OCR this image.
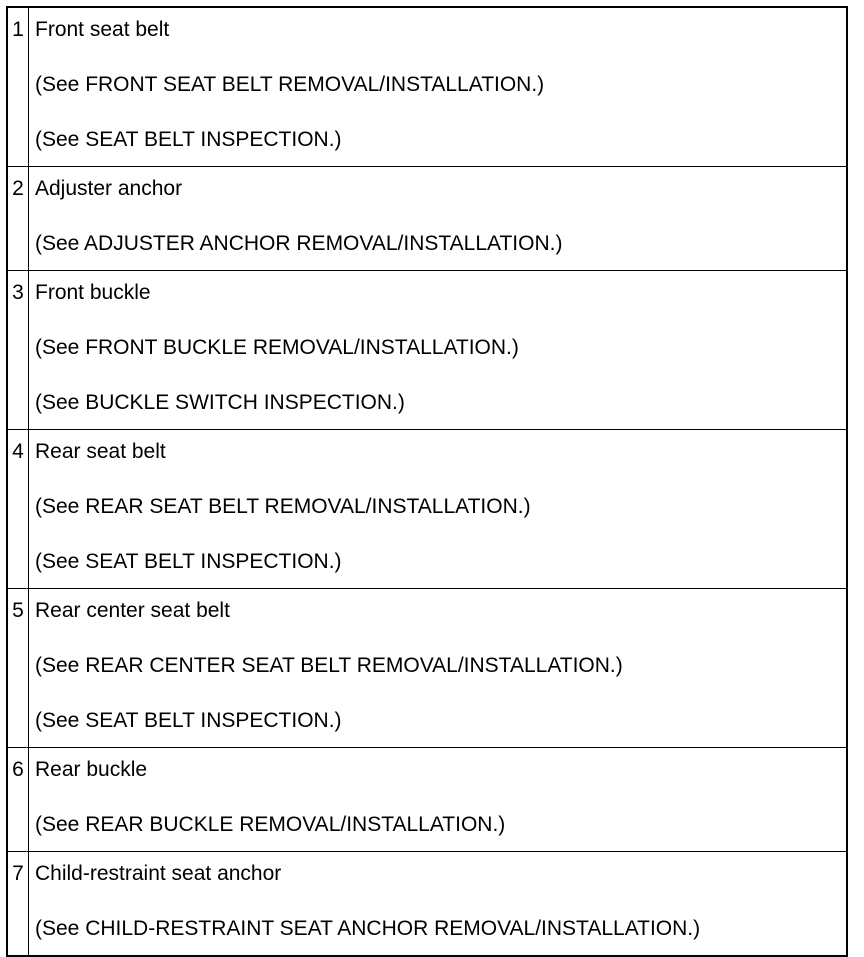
1	Front seat belt
(See FRONT SEAT BELT REMOVAL/INSTALLATION.)
(See SEAT BELT INSPECTION.)

2	Adjuster anchor
(See ADJUSTER ANCHOR REMOVAL/INSTALLATION.)

3	Front buckle
(See FRONT BUCKLE REMOVAL/INSTALLATION.)
(See BUCKLE SWITCH INSPECTION.)

4	Rear seat belt
(See REAR SEAT BELT REMOVAL/INSTALLATION.)
(See SEAT BELT INSPECTION.)

5	Rear center seat belt
(See REAR CENTER SEAT BELT REMOVAL/INSTALLATION.)
(See SEAT BELT INSPECTION.)

6	Rear buckle
(See REAR BUCKLE REMOVAL/INSTALLATION.)

7	Child-restraint seat anchor
(See CHILD-RESTRAINT SEAT ANCHOR REMOVAL/INSTALLATION.)
